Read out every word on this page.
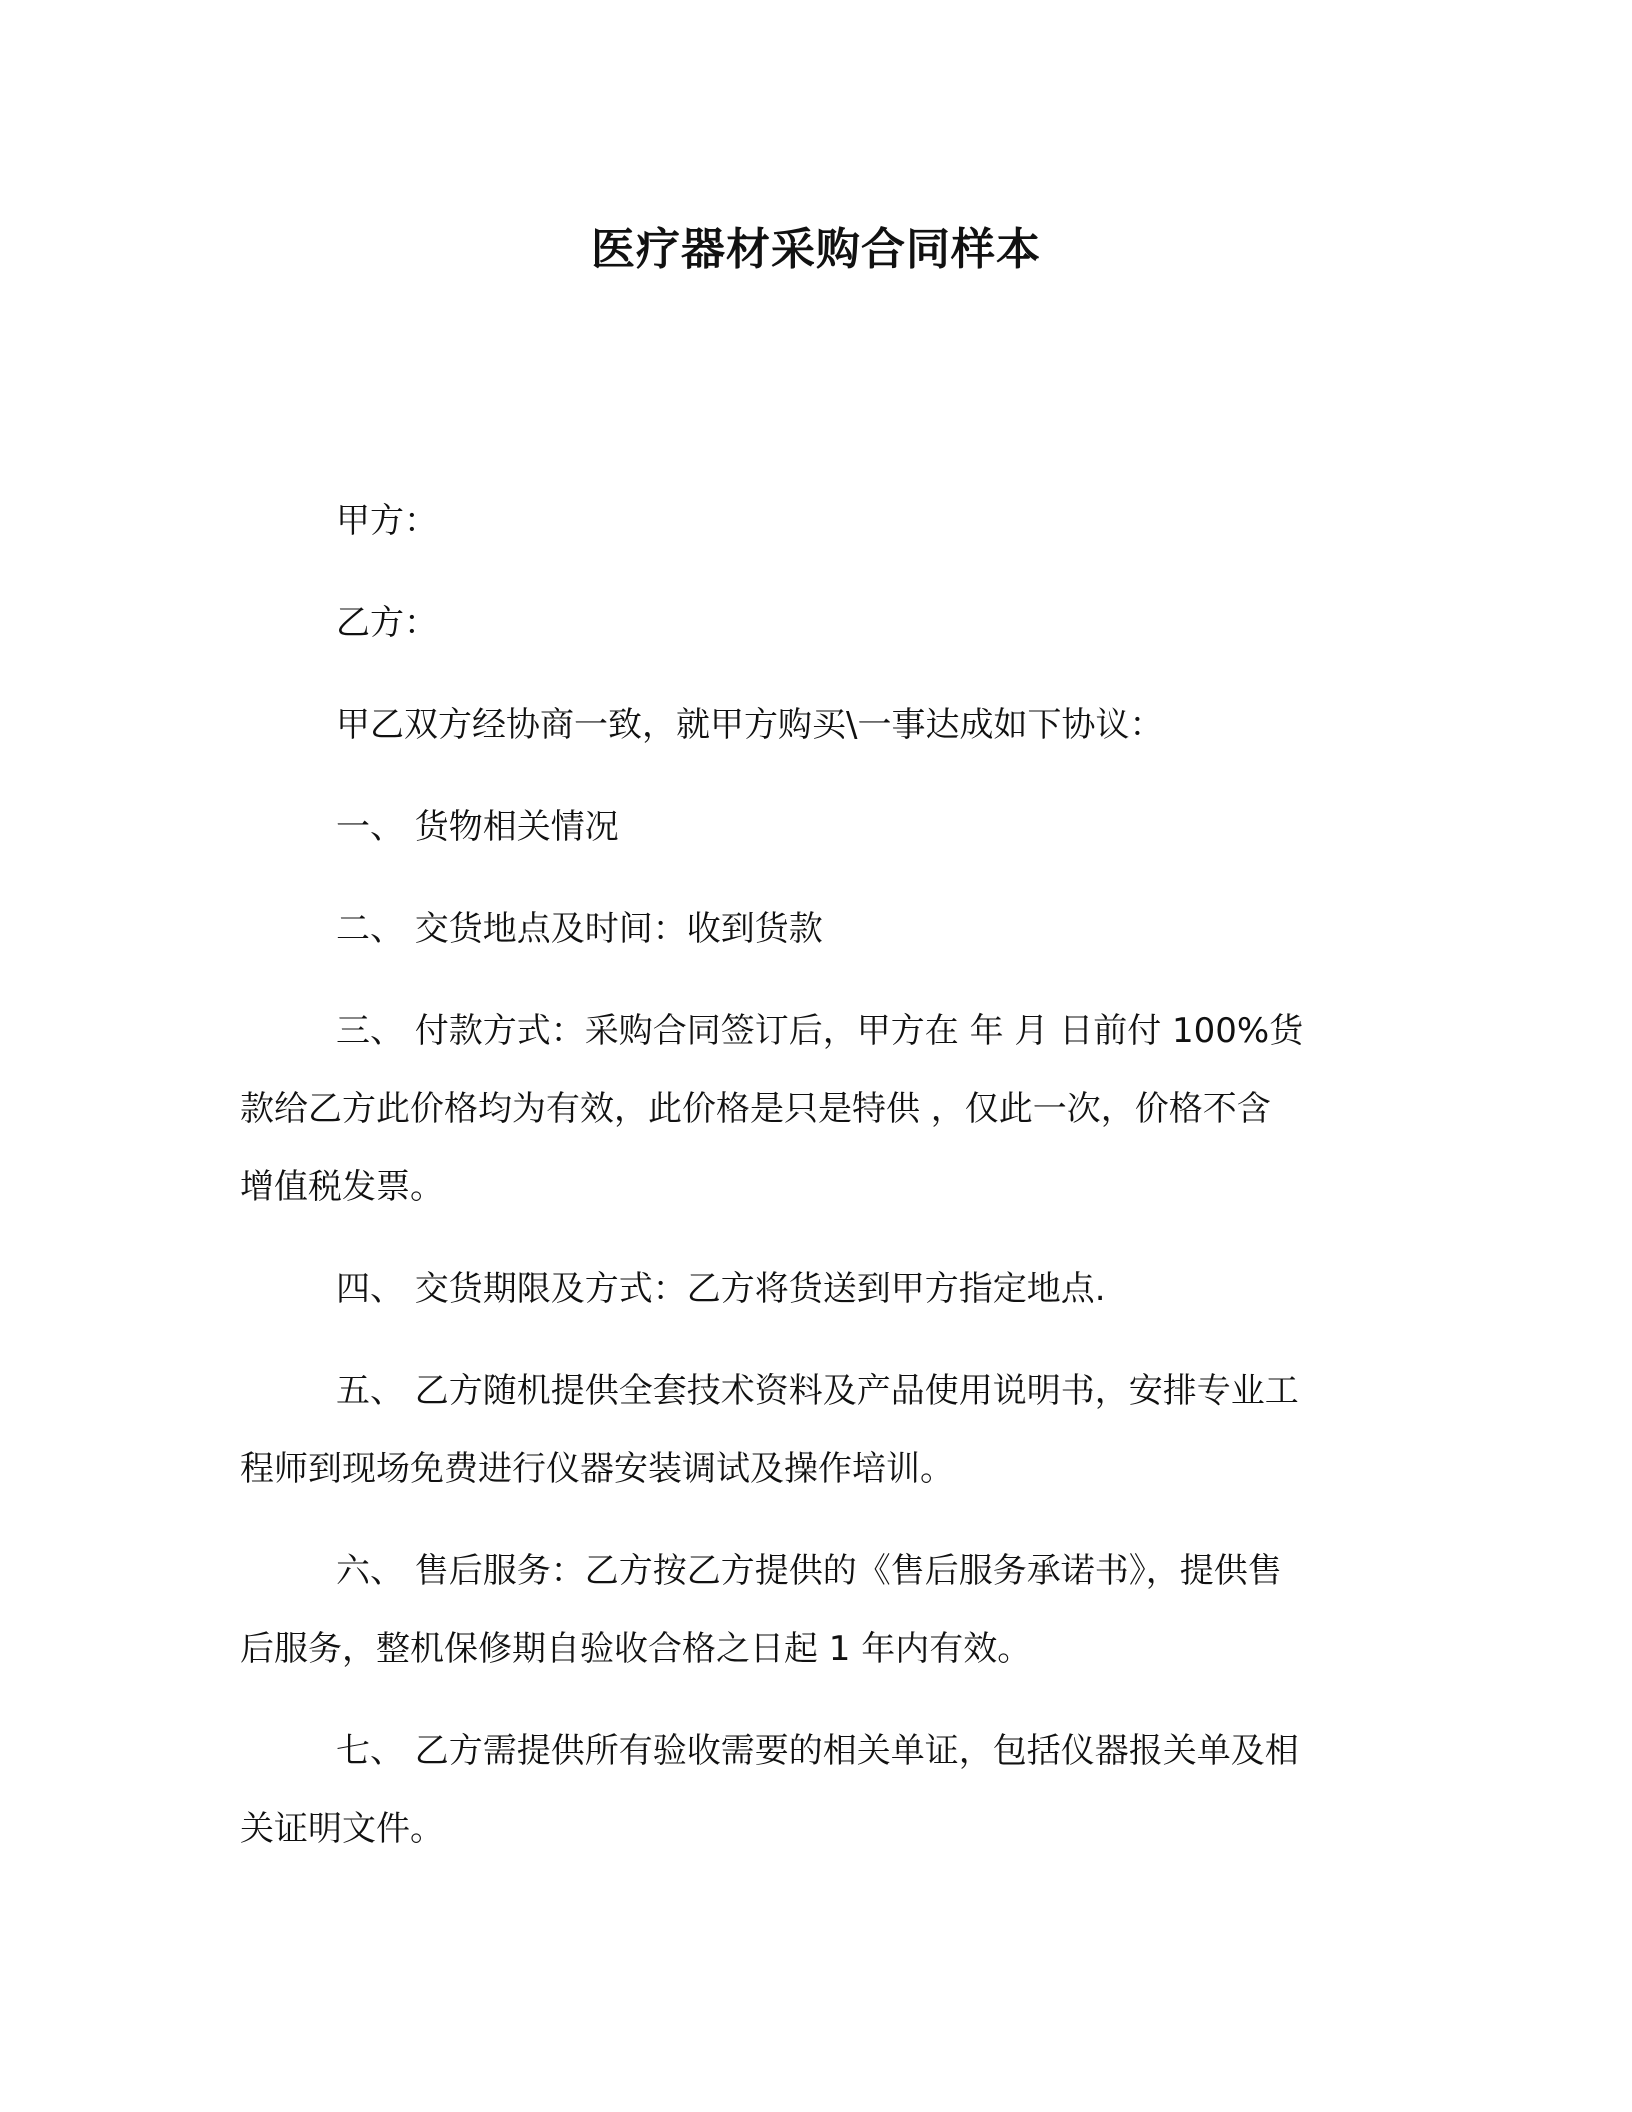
医疗器材采购合同样本

甲方：

乙方：

甲乙双方经协商一致，就甲方购买\一事达成如下协议：

一、 货物相关情况

二、 交货地点及时间：收到货款

三、 付款方式：采购合同签订后，甲方在 年 月 日前付 100%货
款给乙方此价格均为有效，此价格是只是特供 ，仅此一次，价格不含
增值税发票。

四、 交货期限及方式：乙方将货送到甲方指定地点.

五、 乙方随机提供全套技术资料及产品使用说明书，安排专业工
程师到现场免费进行仪器安装调试及操作培训。

六、 售后服务：乙方按乙方提供的《售后服务承诺书》，提供售
后服务，整机保修期自验收合格之日起 1 年内有效。

七、 乙方需提供所有验收需要的相关单证，包括仪器报关单及相
关证明文件。
